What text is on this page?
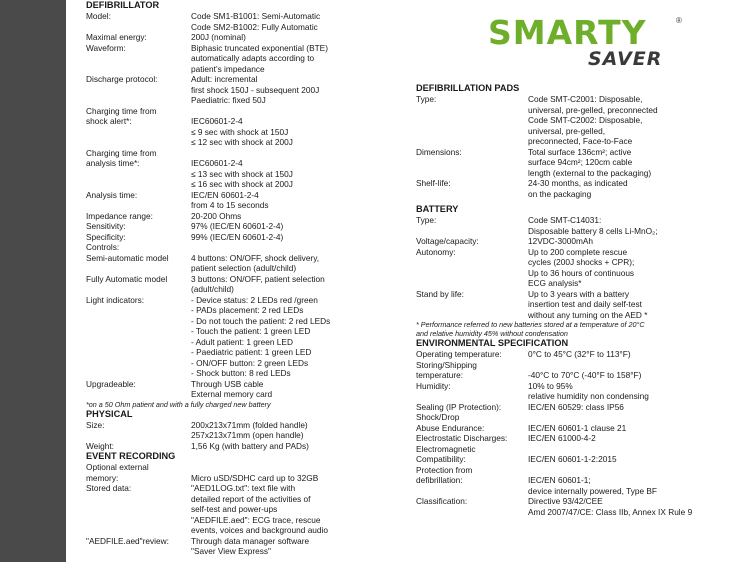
SMARTY	®
SAVER
DEFIBRILLATOR
Model:	Code SM1-B1001: Semi-Automatic
Code SM2-B1002: Fully Automatic
Maximal energy:	200J (nominal)
Waveform:	Biphasic truncated exponential (BTE)
automatically adapts according to
patient’s impedance
Discharge protocol:	Adult: incremental
first shock 150J - subsequent 200J
Paediatric: fixed 50J
Charging time from
shock alert*:	
IEC60601-2-4
≤ 9 sec with shock at 150J
≤ 12 sec with shock at 200J
Charging time from
analysis time*:	
IEC60601-2-4
≤ 13 sec with shock at 150J
≤ 16 sec with shock at 200J
Analysis time:	IEC/EN 60601-2-4
from 4 to 15 seconds
Impedance range:	20-200 Ohms
Sensitivity:	97% (IEC/EN 60601-2-4)
Specificity:	99% (IEC/EN 60601-2-4)
Controls:
Semi-automatic model	4 buttons: ON/OFF, shock delivery,
patient selection (adult/child)
Fully Automatic model	3 buttons: ON/OFF, patient selection
(adult/child)
Light indicators:	- Device status: 2 LEDs red /green
- PADs placement: 2 red LEDs
- Do not touch the patient: 2 red LEDs
- Touch the patient: 1 green LED
- Adult patient: 1 green LED
- Paediatric patient: 1 green LED
- ON/OFF button: 2 green LEDs
- Shock button: 8 red LEDs
Upgradeable:	Through USB cable
External memory card
*on a 50 Ohm patient and with a fully charged new battery
PHYSICAL
Size:	200x213x71mm (folded handle)
257x213x71mm (open handle)
Weight:	1,56 Kg (with battery and PADs)
EVENT RECORDING
Optional external
memory:	
Micro uSD/SDHC card up to 32GB
Stored data:	"AED1LOG.txt": text file with
detailed report of the activities of
self-test and power-ups
"AEDFILE.aed": ECG trace, rescue
events, voices and background audio
"AEDFILE.aed"review:	Through data manager software
"Saver View Express"
DEFIBRILLATION PADS
Type:	Code SMT-C2001: Disposable,
universal, pre-gelled, preconnected
Code SMT-C2002: Disposable,
universal, pre-gelled,
preconnected, Face-to-Face
Dimensions:	Total surface 136cm²; active
surface 94cm²; 120cm cable
length (external to the packaging)
Shelf-life:	24-30 months, as indicated
on the packaging
BATTERY
Type:	Code SMT-C14031:
Disposable battery 8 cells Li-MnO₂;
Voltage/capacity:	12VDC-3000mAh
Autonomy:	Up to 200 complete rescue
cycles (200J shocks + CPR);
Up to 36 hours of continuous
ECG analysis*
Stand by life:	Up to 3 years with a battery
insertion test and daily self-test
without any turning on the AED *
* Performance referred to new batteries stored at a temperature of 20°C
and relative humidity 45% without condensation
ENVIRONMENTAL SPECIFICATION
Operating temperature:	0°C to 45°C (32°F to 113°F)
Storing/Shipping
temperature:	
-40°C to 70°C (-40°F to 158°F)
Humidity:	10% to 95%
relative humidity non condensing
Sealing (IP Protection):	IEC/EN 60529: class IP56
Shock/Drop
Abuse Endurance:	
IEC/EN 60601-1 clause 21
Electrostatic Discharges:	IEC/EN 61000-4-2
Electromagnetic
Compatibility:	
IEC/EN 60601-1-2:2015
Protection from
defibrillation:	
IEC/EN 60601-1;
device internally powered, Type BF
Classification:	Directive 93/42/CEE
Amd 2007/47/CE: Class IIb, Annex IX Rule 9
